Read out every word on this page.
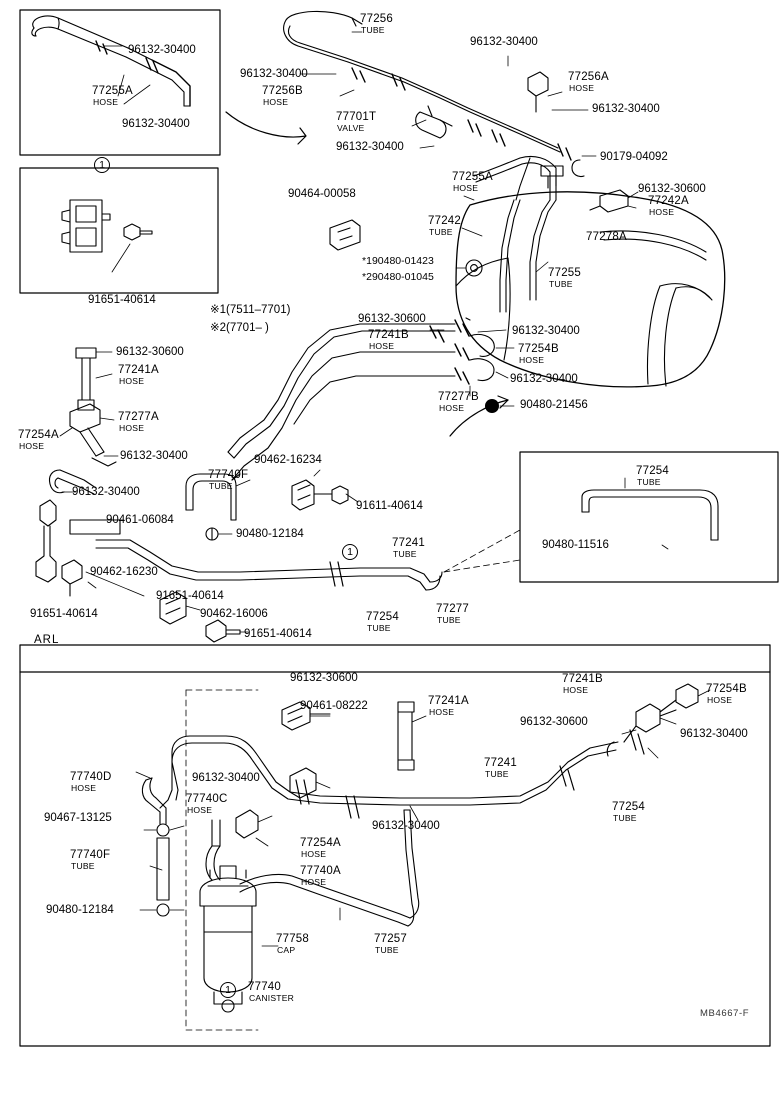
96132-30400
77255A
HOSE
96132-30400
1
91651-40614
※1(7511–7701)
※2(7701– )
77256
TUBE
96132-30400
96132-30400
77256B
HOSE
77256A
HOSE
96132-30400
77701T
VALVE
96132-30400
90179-04092
77255A
HOSE	96132-30600
77242A
HOSE
77278A
77242
TUBE
77255
TUBE
90464-00058
*190480-01423
*290480-01045
96132-30600
77241B
HOSE
96132-30400
77254B
HOSE
96132-30400
77277B
HOSE	90480-21456
96132-30600
77241A
HOSE
77277A
HOSE
77254A
HOSE
96132-30400
96132-30400
90462-16234
77740F
TUBE
91611-40614
90461-06084
90480-12184
90462-16230
91651-40614
90462-16006
91651-40614
91651-40614
1
77241
TUBE
77254
TUBE
77277
TUBE
77254
TUBE
90480-11516
ARL
96132-30600
90461-08222	77241A
HOSE
77241B
HOSE	77254B
HOSE
96132-30600
96132-30400
77241
TUBE
77254
TUBE
96132-30400
96132-30400
77740D
HOSE
90467-13125
77740C
HOSE
77740F
TUBE
77254A
HOSE
77740A
HOSE
90480-12184
77758
CAP
77740
CANISTER
77257
TUBE
1
MB4667-F
